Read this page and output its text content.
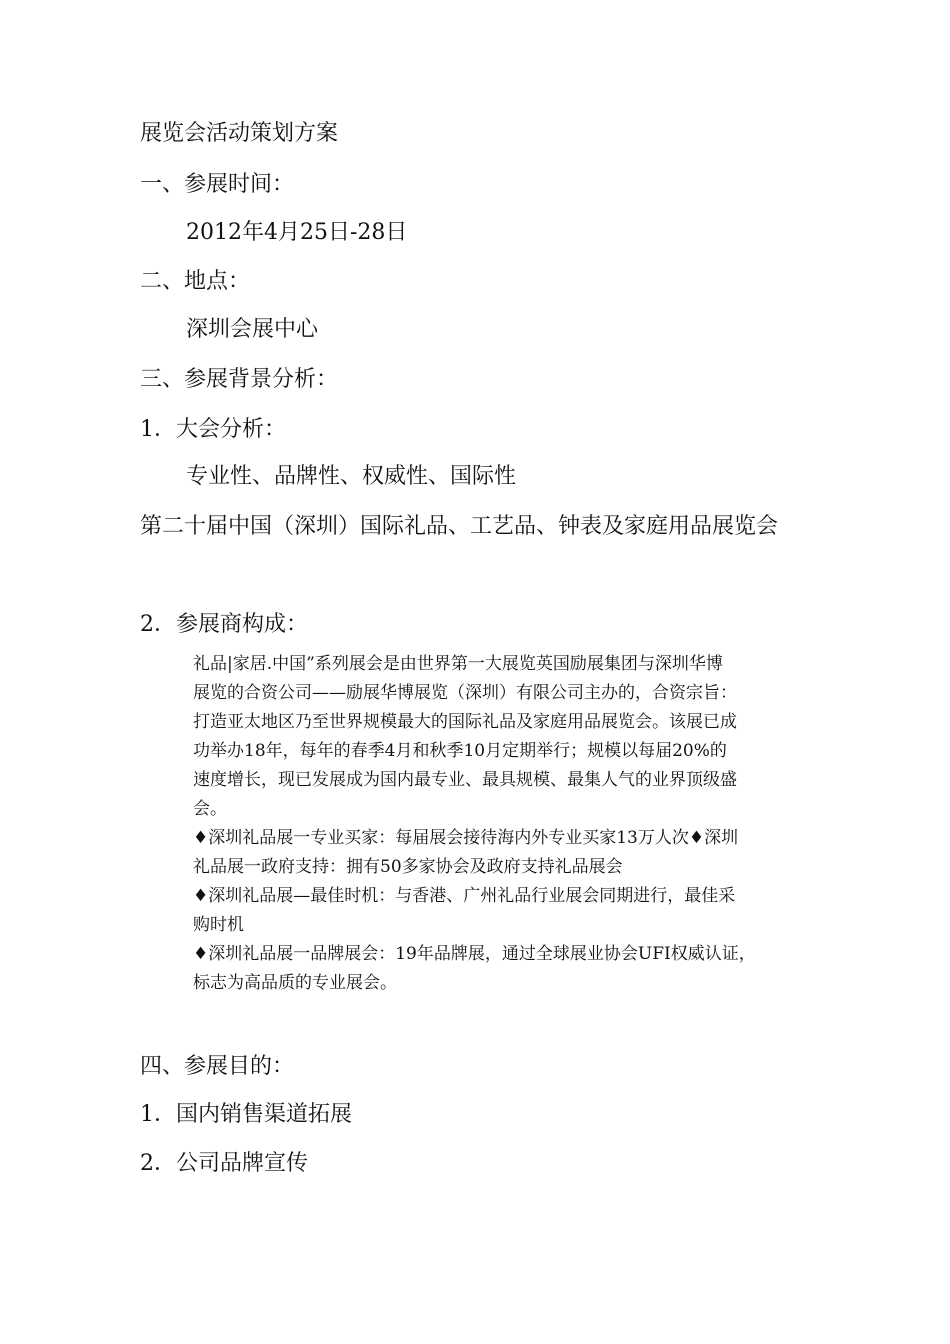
展览会活动策划方案
一、参展时间：
2012年4月25日-28日
二、地点：
深圳会展中心
三、参展背景分析：
1．大会分析：
专业性、品牌性、权威性、国际性
第二十届中国（深圳）国际礼品、工艺品、钟表及家庭用品展览会
2．参展商构成：
礼品|家居.中国”系列展会是由世界第一大展览英国励展集团与深圳华博
展览的合资公司——励展华博展览（深圳）有限公司主办的，合资宗旨：
打造亚太地区乃至世界规模最大的国际礼品及家庭用品展览会。该展已成
功举办18年，每年的春季4月和秋季10月定期举行；规模以每届20%的
速度增长，现已发展成为国内最专业、最具规模、最集人气的业界顶级盛
会。
♦深圳礼品展一专业买家：每届展会接待海内外专业买家13万人次♦深圳
礼品展一政府支持：拥有50多家协会及政府支持礼品展会
♦深圳礼品展—最佳时机：与香港、广州礼品行业展会同期进行，最佳采
购时机
♦深圳礼品展一品牌展会：19年品牌展，通过全球展业协会UFI权威认证，
标志为高品质的专业展会。
四、参展目的：
1．国内销售渠道拓展
2．公司品牌宣传
